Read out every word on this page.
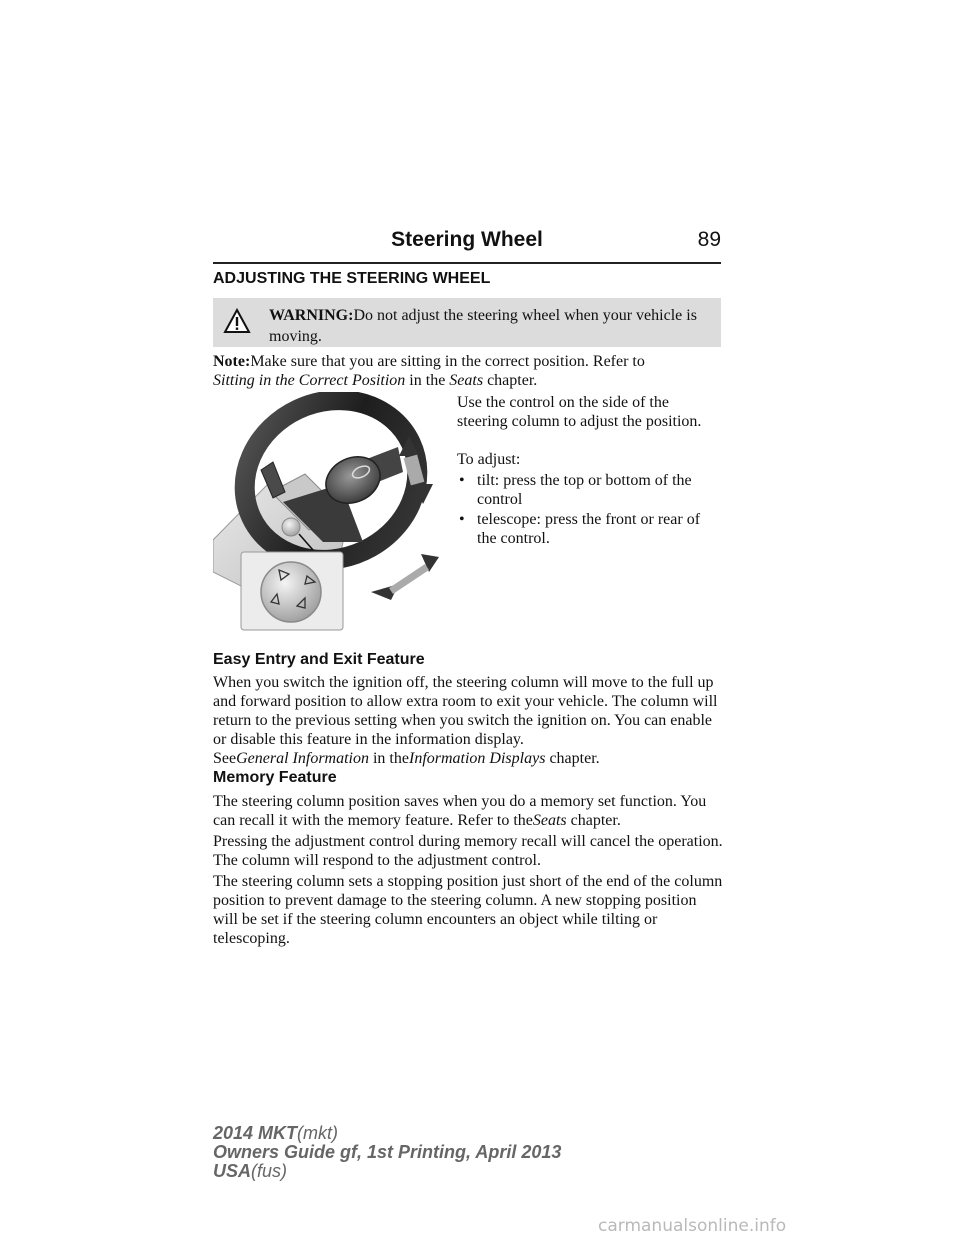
Steering Wheel	89
ADJUSTING THE STEERING WHEEL
WARNING:Do not adjust the steering wheel when your vehicle is moving.
Note:Make sure that you are sitting in the correct position. Refer to
Sitting in the Correct Position in the Seats chapter.
Use the control on the side of the steering column to adjust the position.
To adjust:
• tilt: press the top or bottom of the control
• telescope: press the front or rear of the control.
Easy Entry and Exit Feature
When you switch the ignition off, the steering column will move to the full up and forward position to allow extra room to exit your vehicle. The column will return to the previous setting when you switch the ignition on. You can enable or disable this feature in the information display.
SeeGeneral Information in theInformation Displays chapter.
Memory Feature
The steering column position saves when you do a memory set function. You can recall it with the memory feature. Refer to theSeats chapter.
Pressing the adjustment control during memory recall will cancel the operation. The column will respond to the adjustment control.
The steering column sets a stopping position just short of the end of the column position to prevent damage to the steering column. A new stopping position will be set if the steering column encounters an object while tilting or telescoping.
2014 MKT(mkt)
Owners Guide gf, 1st Printing, April 2013
USA(fus)
carmanualsonline.info
